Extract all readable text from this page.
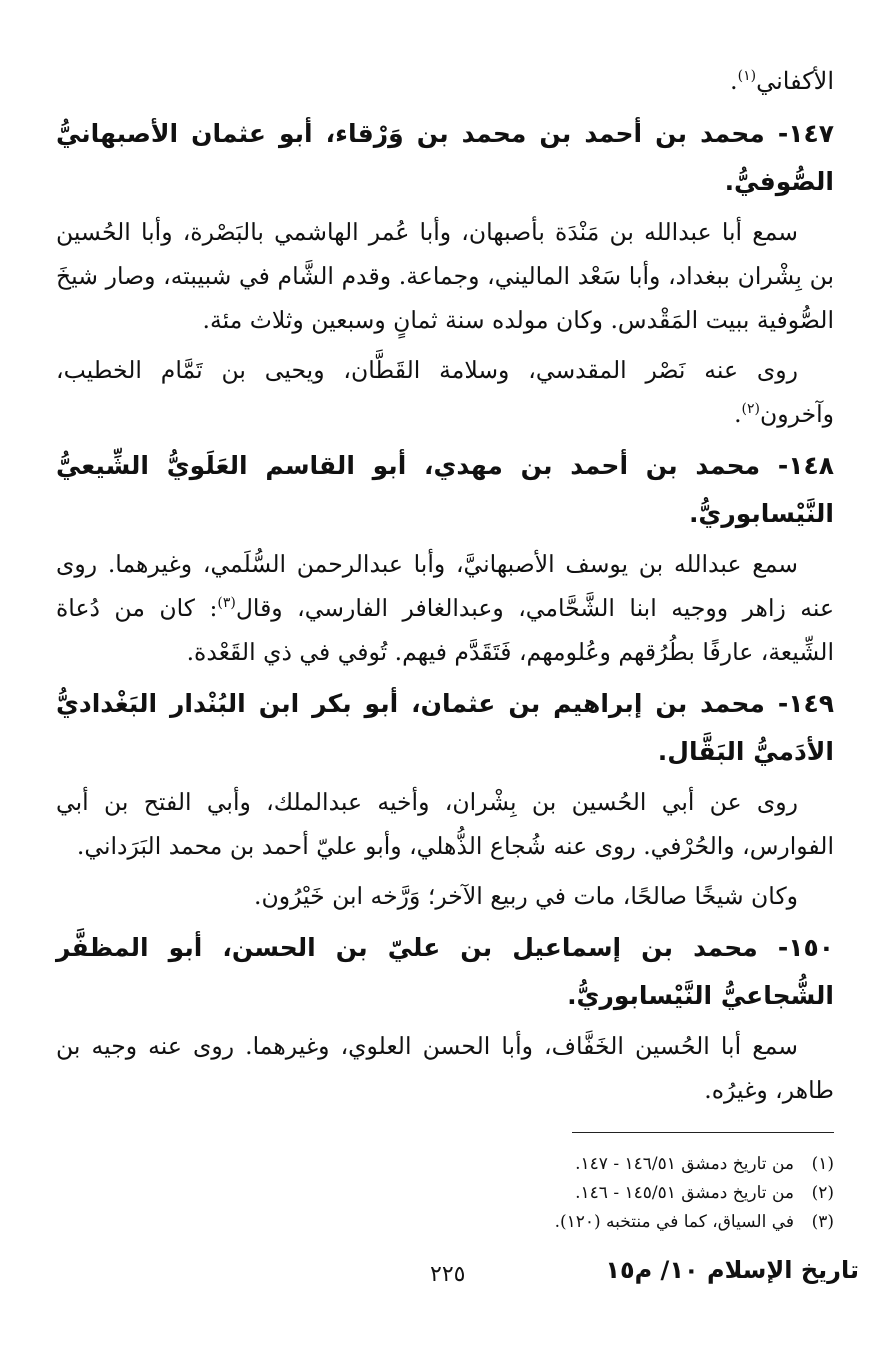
الأكفاني$^{(١)}$.
١٤٧- محمد بن أحمد بن محمد بن وَرْقاء، أبو عثمان الأصبهانيُّ الصُّوفيُّ.

سمع أبا عبدالله بن مَنْدَة بأصبهان، وأبا عُمر الهاشمي بالبَصْرة، وأبا الحُسين بن بِشْران ببغداد، وأبا سَعْد الماليني، وجماعة. وقدم الشَّام في شبيبته، وصار شيخَ الصُّوفية ببيت المَقْدس. وكان مولده سنة ثمانٍ وسبعين وثلاث مئة.

روى عنه نَصْر المقدسي، وسلامة القَطَّان، ويحيى بن تَمَّام الخطيب، وآخرون$^{(٢)}$.

١٤٨- محمد بن أحمد بن مهدي، أبو القاسم العَلَويُّ الشِّيعيُّ النَّيْسابوريُّ.

سمع عبدالله بن يوسف الأصبهانيَّ، وأبا عبدالرحمن السُّلَمي، وغيرهما. روى عنه زاهر ووجيه ابنا الشَّحَّامي، وعبدالغافر الفارسي، وقال$^{(٣)}$: كان من دُعاة الشِّيعة، عارفًا بطُرُقهم وعُلومهم، فَتَقَدَّم فيهم. تُوفي في ذي القَعْدة.

١٤٩- محمد بن إبراهيم بن عثمان، أبو بكر ابن البُنْدار البَغْداديُّ الأدَميُّ البَقَّال.

روى عن أبي الحُسين بن بِشْران، وأخيه عبدالملك، وأبي الفتح بن أبي الفوارس، والحُرْفي. روى عنه شُجاع الذُّهلي، وأبو عليّ أحمد بن محمد البَرَداني.

وكان شيخًا صالحًا، مات في ربيع الآخر؛ وَرَّخه ابن خَيْرُون.

١٥٠- محمد بن إسماعيل بن عليّ بن الحسن، أبو المظفَّر الشُّجاعيُّ النَّيْسابوريُّ.

سمع أبا الحُسين الخَفَّاف، وأبا الحسن العلوي، وغيرهما. روى عنه وجيه بن طاهر، وغيرُه.

(١)من تاريخ دمشق ١٤٦/٥١ - ١٤٧.
(٢)من تاريخ دمشق ١٤٥/٥١ - ١٤٦.
(٣)في السياق، كما في منتخبه (١٢٠).
٢٢٥	تاريخ الإسلام ١٠/ م١٥
